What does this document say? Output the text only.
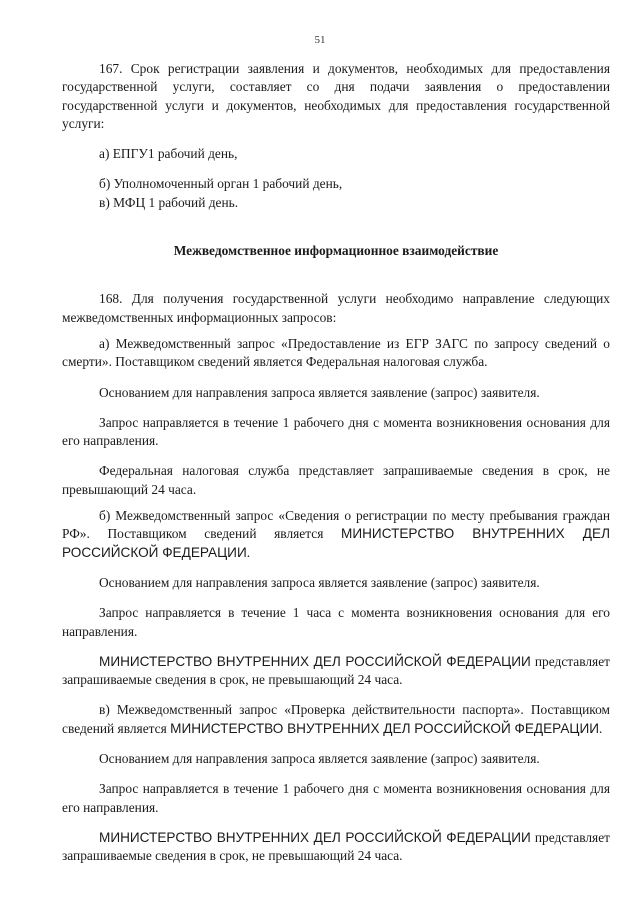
51

167. Срок регистрации заявления и документов, необходимых для предоставления государственной услуги, составляет со дня подачи заявления о предоставлении государственной услуги и документов, необходимых для предоставления государственной услуги:

а) ЕПГУ1 рабочий день,

б) Уполномоченный орган 1 рабочий день,

в) МФЦ 1 рабочий день.

Межведомственное информационное взаимодействие

168. Для получения государственной услуги необходимо направление следующих межведомственных информационных запросов:

а) Межведомственный запрос «Предоставление из ЕГР ЗАГС по запросу сведений о смерти». Поставщиком сведений является Федеральная налоговая служба.

Основанием для направления запроса является заявление (запрос) заявителя.

Запрос направляется в течение 1 рабочего дня с момента возникновения основания для его направления.

Федеральная налоговая служба представляет запрашиваемые сведения в срок, не превышающий 24 часа.

б) Межведомственный запрос «Сведения о регистрации по месту пребывания граждан РФ». Поставщиком сведений является МИНИСТЕРСТВО ВНУТРЕННИХ ДЕЛ РОССИЙСКОЙ ФЕДЕРАЦИИ.

Основанием для направления запроса является заявление (запрос) заявителя.

Запрос направляется в течение 1 часа с момента возникновения основания для его направления.

МИНИСТЕРСТВО ВНУТРЕННИХ ДЕЛ РОССИЙСКОЙ ФЕДЕРАЦИИ представляет запрашиваемые сведения в срок, не превышающий 24 часа.

в) Межведомственный запрос «Проверка действительности паспорта». Поставщиком сведений является МИНИСТЕРСТВО ВНУТРЕННИХ ДЕЛ РОССИЙСКОЙ ФЕДЕРАЦИИ.

Основанием для направления запроса является заявление (запрос) заявителя.

Запрос направляется в течение 1 рабочего дня с момента возникновения основания для его направления.

МИНИСТЕРСТВО ВНУТРЕННИХ ДЕЛ РОССИЙСКОЙ ФЕДЕРАЦИИ представляет запрашиваемые сведения в срок, не превышающий 24 часа.
